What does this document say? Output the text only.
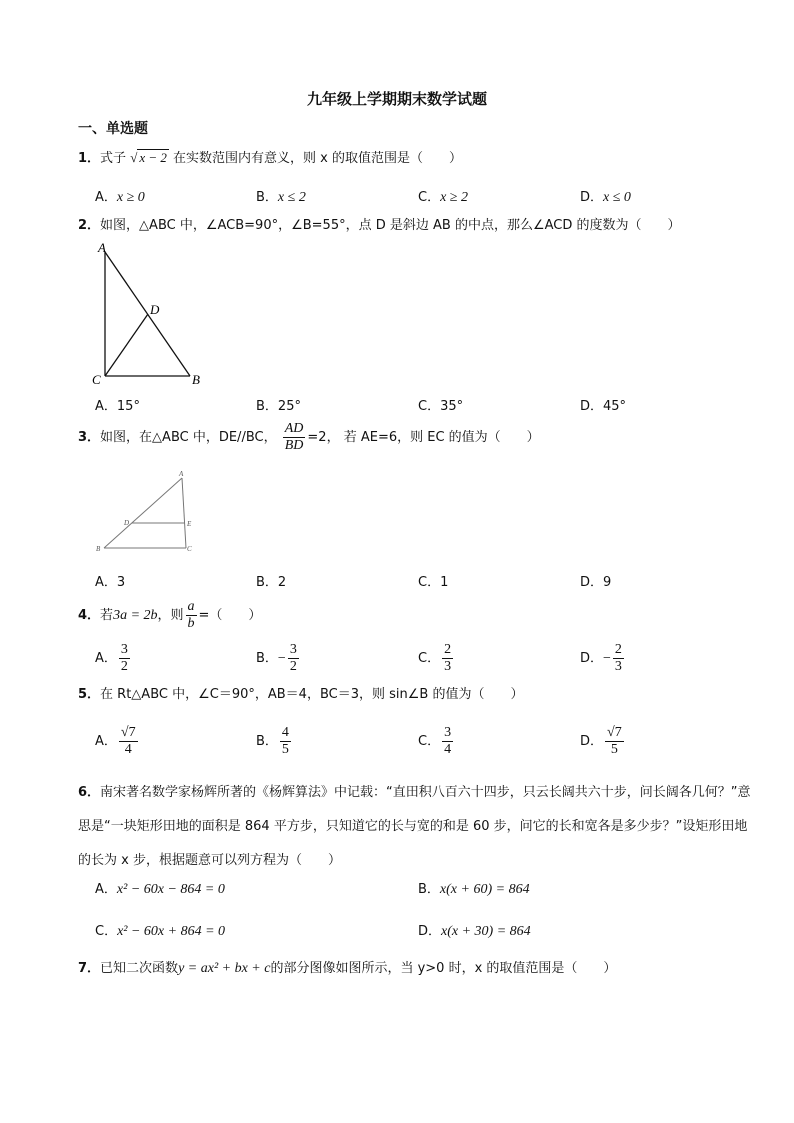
九年级上学期期末数学试题
一、单选题
1．式子 √ x − 2 在实数范围内有意义，则 x 的取值范围是（　　）
A．x ≥ 0	B．x ≤ 2	C．x ≥ 2	D．x ≤ 0
2．如图，△ABC 中，∠ACB=90°，∠B=55°，点 D 是斜边 AB 的中点，那么∠ACD 的度数为（　　）
A
D
C	B
A．15°	B．25°	C．35°	D．45°
3．如图，在△ABC 中，DE//BC， $\frac{AD}{BD} =2$， 若 AE=6，则 EC 的值为（　　）
A
D	E
B	C
A．3	B．2	C．1	D．9
4．若3a = 2b，则 $\frac{a}{b}$ =（　　）
A． $\frac{3}{2}$	B．− $\frac{3}{2}$	C． $\frac{2}{3}$	D．− $\frac{2}{3}$
5．在 Rt△ABC 中，∠C＝90°，AB＝4，BC＝3，则 sin∠B 的值为（　　）
A． $\frac{√7}{4}$	B． $\frac{4}{5}$	C． $\frac{3}{4}$	D． $\frac{√7}{5}$
6．南宋著名数学家杨辉所著的《杨辉算法》中记载：“直田积八百六十四步，只云长阔共六十步，问长阔各几何？”意思是“一块矩形田地的面积是 864 平方步，只知道它的长与宽的和是 60 步，问它的长和宽各是多少步？”设矩形田地的长为 x 步，根据题意可以列方程为（　　）
A．x² − 60x − 864 = 0	B．x(x + 60) = 864
C．x² − 60x + 864 = 0	D．x(x + 30) = 864
7．已知二次函数y = ax² + bx + c的部分图像如图所示，当 y>0 时，x 的取值范围是（　　）
